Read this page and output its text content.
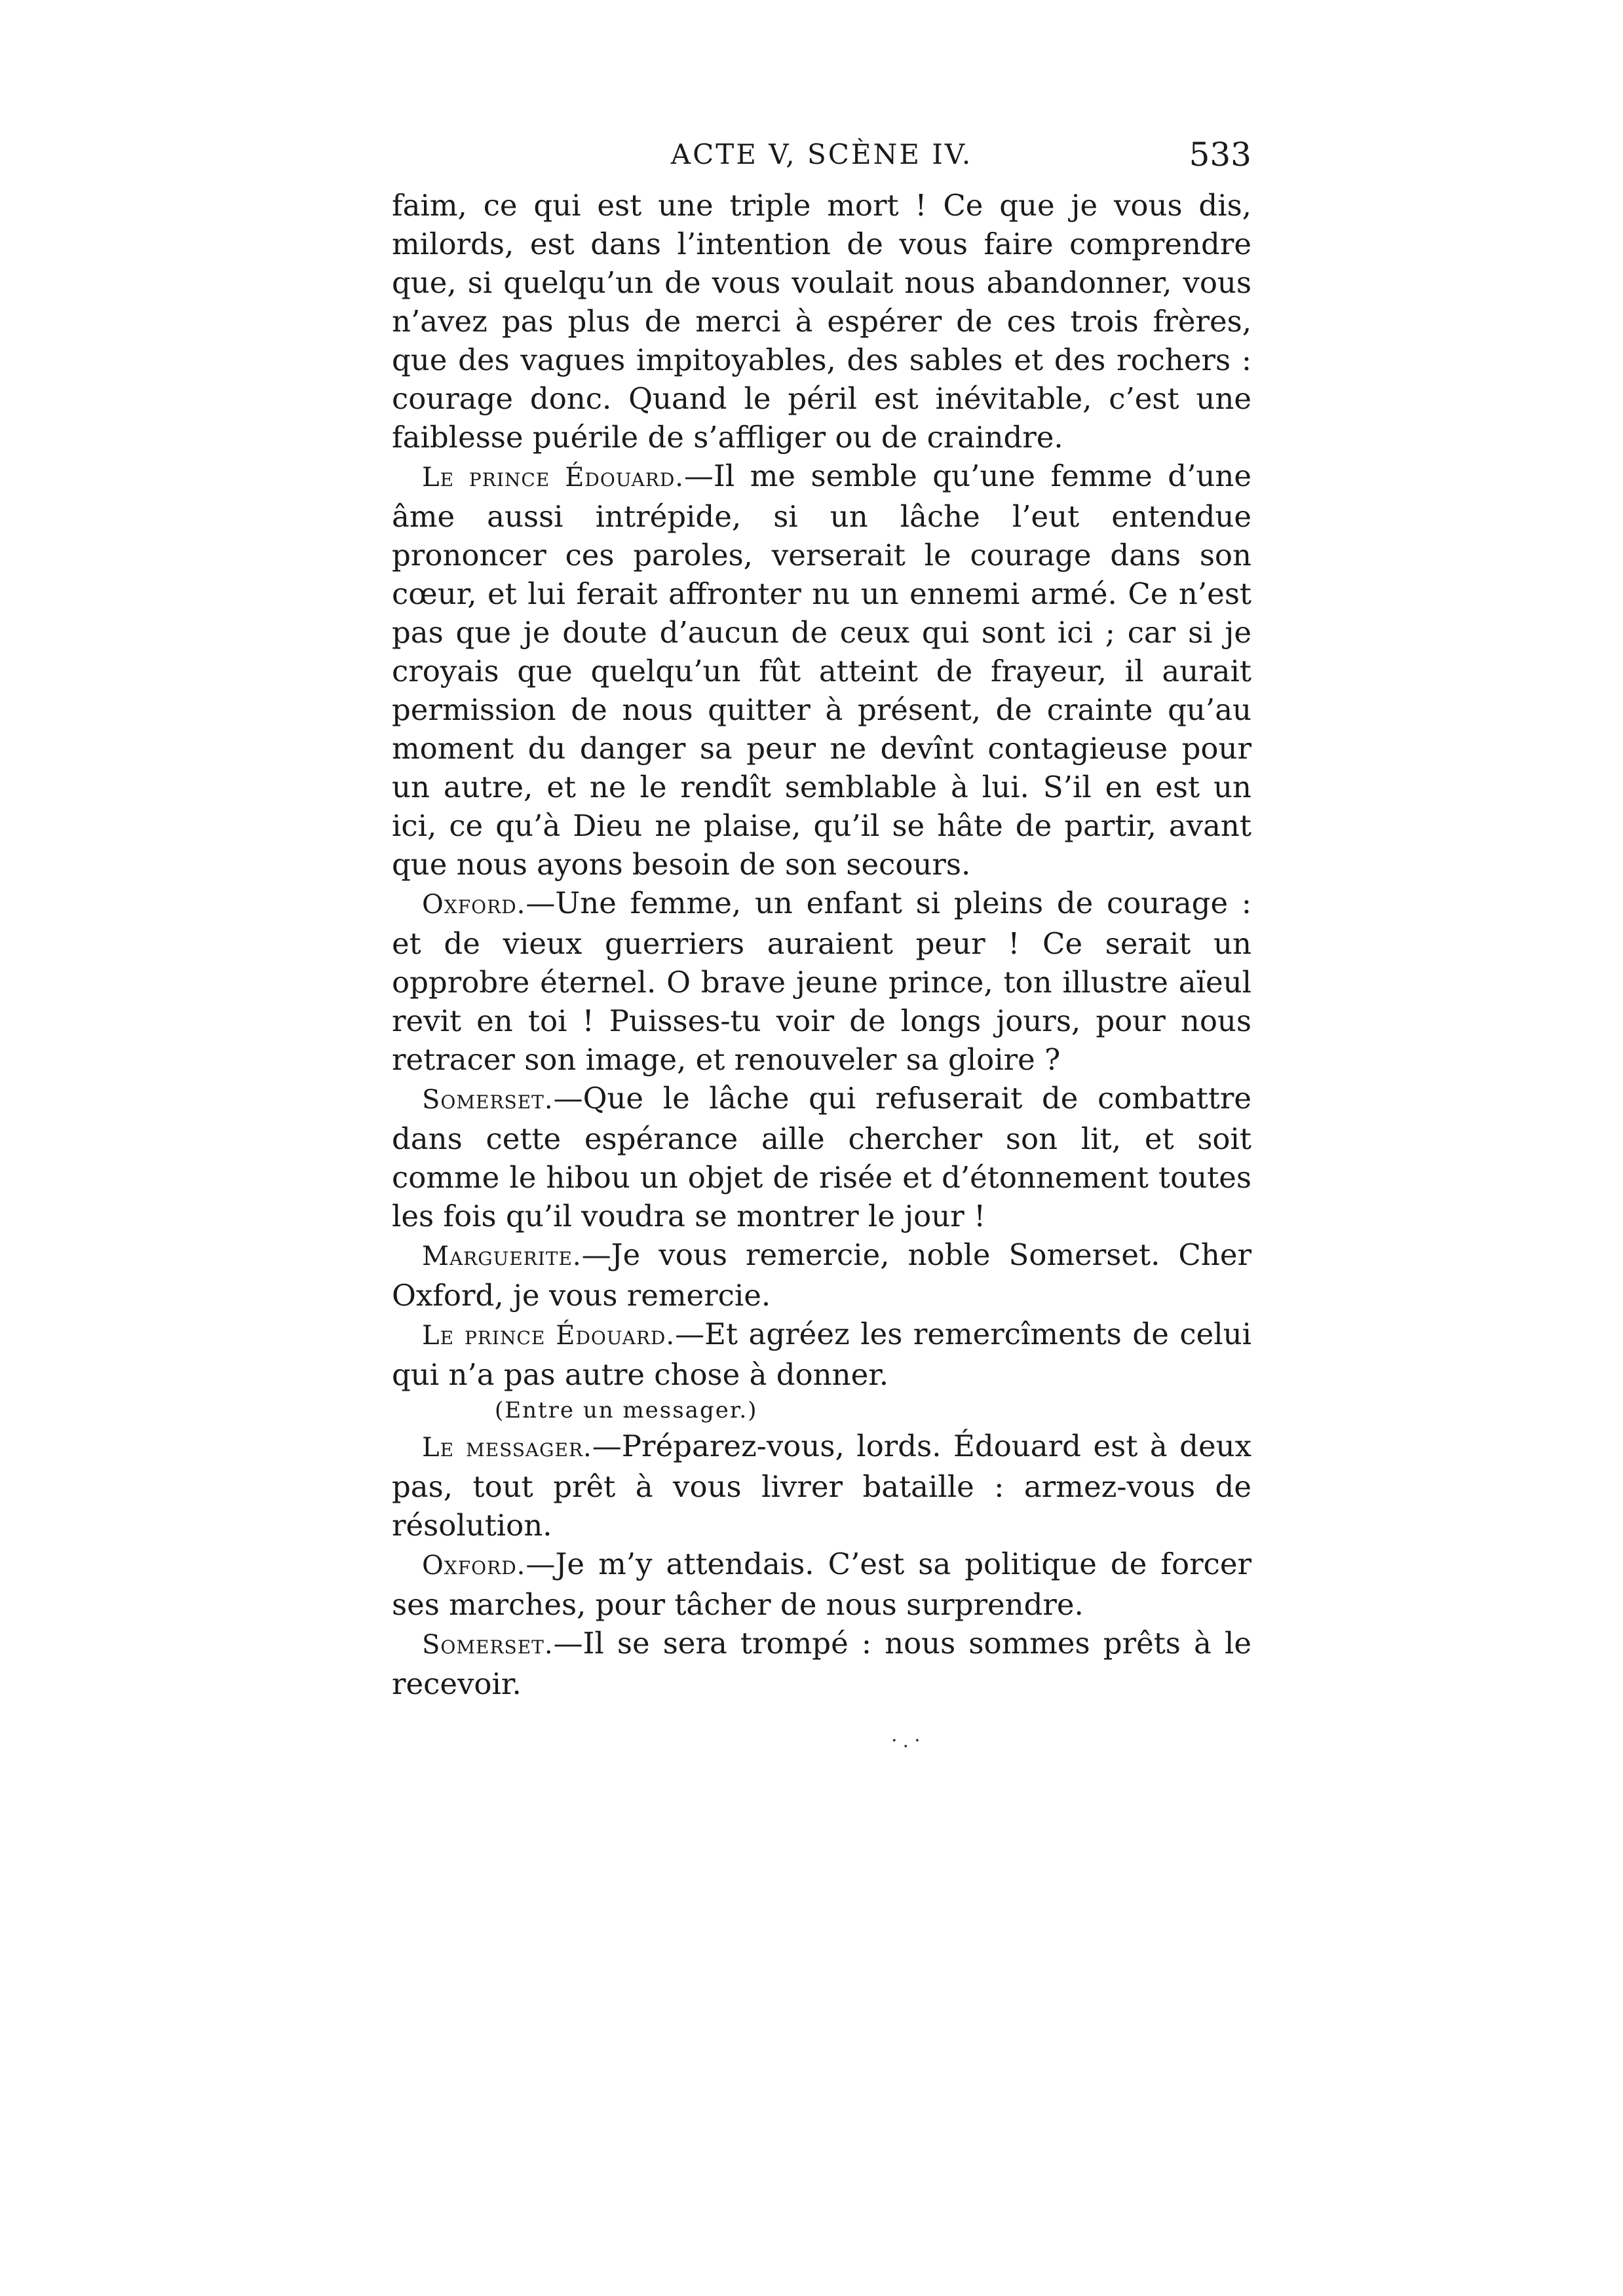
ACTE V, SCÈNE IV.	533

faim, ce qui est une triple mort ! Ce que je vous dis, milords, est dans l’intention de vous faire comprendre que, si quelqu’un de vous voulait nous abandonner, vous n’avez pas plus de merci à espérer de ces trois frères, que des vagues impitoyables, des sables et des rochers : courage donc. Quand le péril est inévitable, c’est une faiblesse puérile de s’affliger ou de craindre.

Le prince Édouard.—Il me semble qu’une femme d’une âme aussi intrépide, si un lâche l’eut entendue prononcer ces paroles, verserait le courage dans son cœur, et lui ferait affronter nu un ennemi armé. Ce n’est pas que je doute d’aucun de ceux qui sont ici ; car si je croyais que quelqu’un fût atteint de frayeur, il aurait permission de nous quitter à présent, de crainte qu’au moment du danger sa peur ne devînt contagieuse pour un autre, et ne le rendît semblable à lui. S’il en est un ici, ce qu’à Dieu ne plaise, qu’il se hâte de partir, avant que nous ayons besoin de son secours.

Oxford.—Une femme, un enfant si pleins de courage : et de vieux guerriers auraient peur ! Ce serait un opprobre éternel. O brave jeune prince, ton illustre aïeul revit en toi ! Puisses-tu voir de longs jours, pour nous retracer son image, et renouveler sa gloire ?

Somerset.—Que le lâche qui refuserait de combattre dans cette espérance aille chercher son lit, et soit comme le hibou un objet de risée et d’étonnement toutes les fois qu’il voudra se montrer le jour !

Marguerite.—Je vous remercie, noble Somerset. Cher Oxford, je vous remercie.

Le prince Édouard.—Et agréez les remercîments de celui qui n’a pas autre chose à donner.

(Entre un messager.)

Le messager.—Préparez-vous, lords. Édouard est à deux pas, tout prêt à vous livrer bataille : armez-vous de résolution.

Oxford.—Je m’y attendais. C’est sa politique de forcer ses marches, pour tâcher de nous surprendre.

Somerset.—Il se sera trompé : nous sommes prêts à le recevoir.

·.·
